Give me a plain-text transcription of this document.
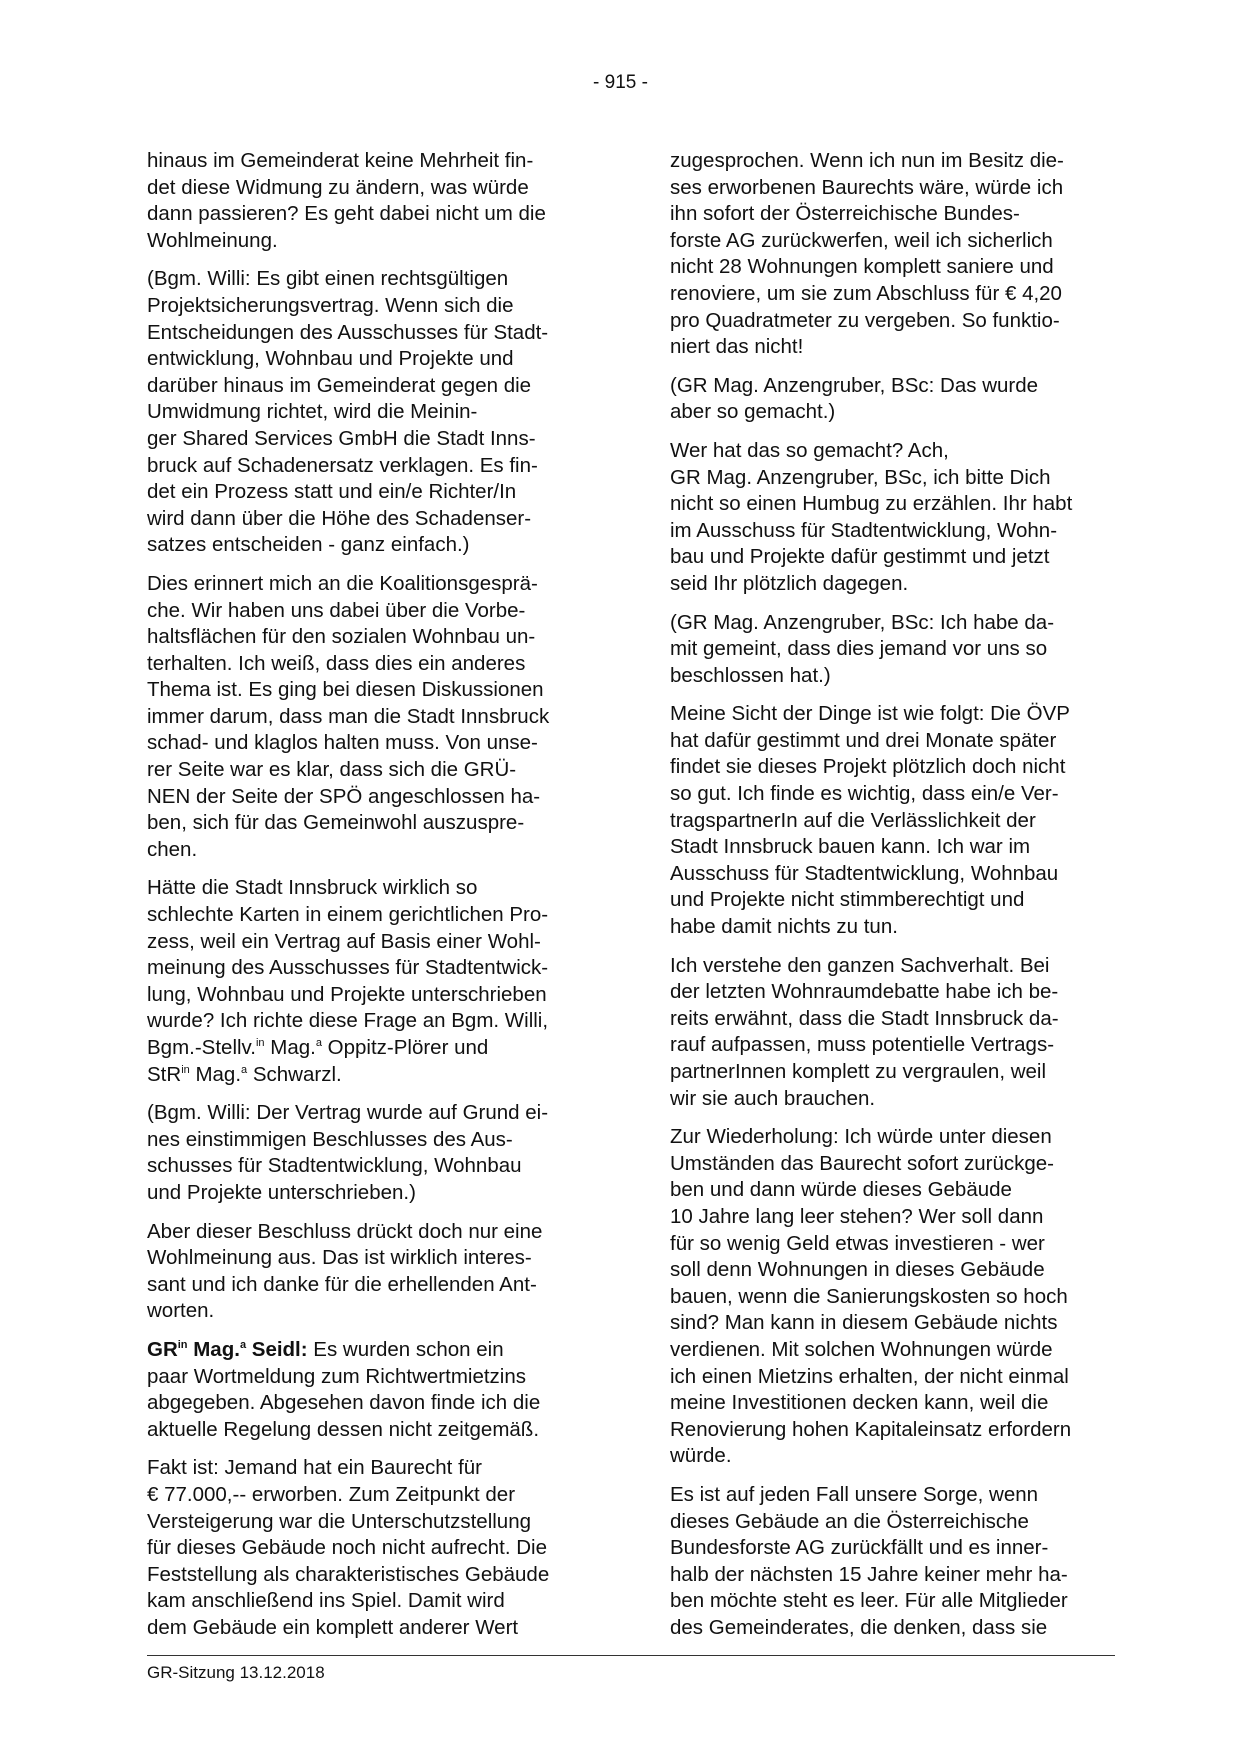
- 915 -

hinaus im Gemeinderat keine Mehrheit fin-
det diese Widmung zu ändern, was würde
dann passieren? Es geht dabei nicht um die
Wohlmeinung.

(Bgm. Willi: Es gibt einen rechtsgültigen
Projektsicherungsvertrag. Wenn sich die
Entscheidungen des Ausschusses für Stadt-
entwicklung, Wohnbau und Projekte und
darüber hinaus im Gemeinderat gegen die
Umwidmung richtet, wird die Meinin-
ger Shared Services GmbH die Stadt Inns-
bruck auf Schadenersatz verklagen. Es fin-
det ein Prozess statt und ein/e Richter/In
wird dann über die Höhe des Schadenser-
satzes entscheiden - ganz einfach.)

Dies erinnert mich an die Koalitionsgesprä-
che. Wir haben uns dabei über die Vorbe-
haltsflächen für den sozialen Wohnbau un-
terhalten. Ich weiß, dass dies ein anderes
Thema ist. Es ging bei diesen Diskussionen
immer darum, dass man die Stadt Innsbruck
schad- und klaglos halten muss. Von unse-
rer Seite war es klar, dass sich die GRÜ-
NEN der Seite der SPÖ angeschlossen ha-
ben, sich für das Gemeinwohl auszuspre-
chen.

Hätte die Stadt Innsbruck wirklich so
schlechte Karten in einem gerichtlichen Pro-
zess, weil ein Vertrag auf Basis einer Wohl-
meinung des Ausschusses für Stadtentwick-
lung, Wohnbau und Projekte unterschrieben
wurde? Ich richte diese Frage an Bgm. Willi,
Bgm.-Stellv.$^{in}$ Mag.$^a$ Oppitz-Plörer und
StR$^{in}$ Mag.$^a$ Schwarzl.

(Bgm. Willi: Der Vertrag wurde auf Grund ei-
nes einstimmigen Beschlusses des Aus-
schusses für Stadtentwicklung, Wohnbau
und Projekte unterschrieben.)

Aber dieser Beschluss drückt doch nur eine
Wohlmeinung aus. Das ist wirklich interes-
sant und ich danke für die erhellenden Ant-
worten.

$GR^{in}$ Mag.$^a$ Seidl: Es wurden schon ein
paar Wortmeldung zum Richtwertmietzins
abgegeben. Abgesehen davon finde ich die
aktuelle Regelung dessen nicht zeitgemäß.

Fakt ist: Jemand hat ein Baurecht für
€ 77.000,-- erworben. Zum Zeitpunkt der
Versteigerung war die Unterschutzstellung
für dieses Gebäude noch nicht aufrecht. Die
Feststellung als charakteristisches Gebäude
kam anschließend ins Spiel. Damit wird
dem Gebäude ein komplett anderer Wert

zugesprochen. Wenn ich nun im Besitz die-
ses erworbenen Baurechts wäre, würde ich
ihn sofort der Österreichische Bundes-
forste AG zurückwerfen, weil ich sicherlich
nicht 28 Wohnungen komplett saniere und
renoviere, um sie zum Abschluss für € 4,20
pro Quadratmeter zu vergeben. So funktio-
niert das nicht!

(GR Mag. Anzengruber, BSc: Das wurde
aber so gemacht.)

Wer hat das so gemacht? Ach,
GR Mag. Anzengruber, BSc, ich bitte Dich
nicht so einen Humbug zu erzählen. Ihr habt
im Ausschuss für Stadtentwicklung, Wohn-
bau und Projekte dafür gestimmt und jetzt
seid Ihr plötzlich dagegen.

(GR Mag. Anzengruber, BSc: Ich habe da-
mit gemeint, dass dies jemand vor uns so
beschlossen hat.)

Meine Sicht der Dinge ist wie folgt: Die ÖVP
hat dafür gestimmt und drei Monate später
findet sie dieses Projekt plötzlich doch nicht
so gut. Ich finde es wichtig, dass ein/e Ver-
tragspartnerIn auf die Verlässlichkeit der
Stadt Innsbruck bauen kann. Ich war im
Ausschuss für Stadtentwicklung, Wohnbau
und Projekte nicht stimmberechtigt und
habe damit nichts zu tun.

Ich verstehe den ganzen Sachverhalt. Bei
der letzten Wohnraumdebatte habe ich be-
reits erwähnt, dass die Stadt Innsbruck da-
rauf aufpassen, muss potentielle Vertrags-
partnerInnen komplett zu vergraulen, weil
wir sie auch brauchen.

Zur Wiederholung: Ich würde unter diesen
Umständen das Baurecht sofort zurückge-
ben und dann würde dieses Gebäude
10 Jahre lang leer stehen? Wer soll dann
für so wenig Geld etwas investieren - wer
soll denn Wohnungen in dieses Gebäude
bauen, wenn die Sanierungskosten so hoch
sind? Man kann in diesem Gebäude nichts
verdienen. Mit solchen Wohnungen würde
ich einen Mietzins erhalten, der nicht einmal
meine Investitionen decken kann, weil die
Renovierung hohen Kapitaleinsatz erfordern
würde.

Es ist auf jeden Fall unsere Sorge, wenn
dieses Gebäude an die Österreichische
Bundesforste AG zurückfällt und es inner-
halb der nächsten 15 Jahre keiner mehr ha-
ben möchte steht es leer. Für alle Mitglieder
des Gemeinderates, die denken, dass sie

GR-Sitzung 13.12.2018
